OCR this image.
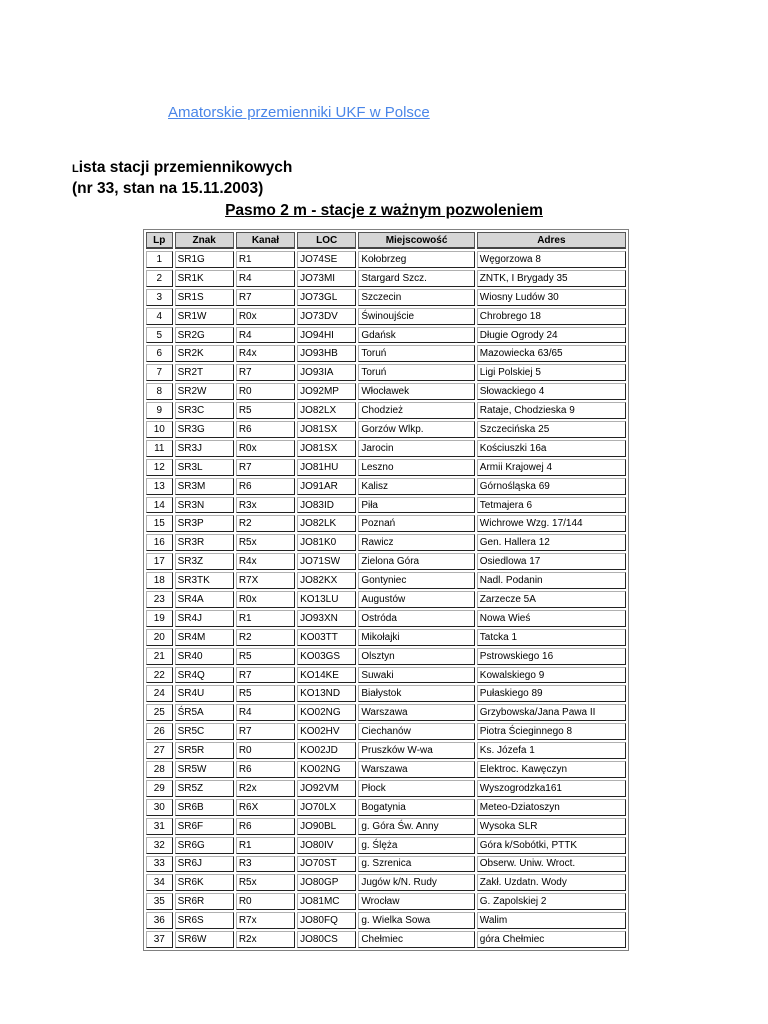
Amatorskie przemienniki UKF w Polsce
Lista stacji przemiennikowych
(nr 33, stan na 15.11.2003)
Pasmo 2 m - stacje z ważnym pozwoleniem
Lp	Znak	Kanał	LOC	Miejscowość	Adres
1	SR1G	R1	JO74SE	Kołobrzeg	Węgorzowa 8
2	SR1K	R4	JO73MI	Stargard Szcz.	ZNTK, I Brygady 35
3	SR1S	R7	JO73GL	Szczecin	Wiosny Ludów 30
4	SR1W	R0x	JO73DV	Świnoujście	Chrobrego 18
5	SR2G	R4	JO94HI	Gdańsk	Długie Ogrody 24
6	SR2K	R4x	JO93HB	Toruń	Mazowiecka 63/65
7	SR2T	R7	JO93IA	Toruń	Ligi Polskiej 5
8	SR2W	R0	JO92MP	Włocławek	Słowackiego 4
9	SR3C	R5	JO82LX	Chodzież	Rataje, Chodzieska 9
10	SR3G	R6	JO81SX	Gorzów Wlkp.	Szczecińska 25
11	SR3J	R0x	JO81SX	Jarocin	Kościuszki 16a
12	SR3L	R7	JO81HU	Leszno	Armii Krajowej 4
13	SR3M	R6	JO91AR	Kalisz	Górnośląska 69
14	SR3N	R3x	JO83ID	Piła	Tetmajera 6
15	SR3P	R2	JO82LK	Poznań	Wichrowe Wzg. 17/144
16	SR3R	R5x	JO81K0	Rawicz	Gen. Hallera 12
17	SR3Z	R4x	JO71SW	Zielona Góra	Osiedlowa 17
18	SR3TK	R7X	JO82KX	Gontyniec	Nadl. Podanin
23	SR4A	R0x	KO13LU	Augustów	Zarzecze 5A
19	SR4J	R1	JO93XN	Ostróda	Nowa Wieś
20	SR4M	R2	KO03TT	Mikołajki	Tatcka 1
21	SR40	R5	KO03GS	Olsztyn	Pstrowskiego 16
22	SR4Q	R7	KO14KE	Suwaki	Kowalskiego 9
24	SR4U	R5	KO13ND	Białystok	Pułaskiego 89
25	ŚR5A	R4	KO02NG	Warszawa	Grzybowska/Jana Pawa II
26	SR5C	R7	KO02HV	Ciechanów	Piotra Ścieginnego 8
27	SR5R	R0	KO02JD	Pruszków W-wa	Ks. Józefa 1
28	SR5W	R6	KO02NG	Warszawa	Elektroc. Kawęczyn
29	SR5Z	R2x	JO92VM	Płock	Wyszogrodzka161
30	SR6B	R6X	JO70LX	Bogatynia	Meteo-Dziatoszyn
31	SR6F	R6	JO90BL	g. Góra Św. Anny	Wysoka SLR
32	SR6G	R1	JO80IV	g. Ślęża	Góra k/Sobótki, PTTK
33	SR6J	R3	JO70ST	g. Szrenica	Obserw. Uniw. Wroct.
34	SR6K	R5x	JO80GP	Jugów k/N. Rudy	Zakł. Uzdatn. Wody
35	SR6R	R0	JO81MC	Wrocław	G. Zapolskiej 2
36	SR6S	R7x	JO80FQ	g. Wielka Sowa	Walim
37	SR6W	R2x	JO80CS	Chełmiec	góra Chełmiec
